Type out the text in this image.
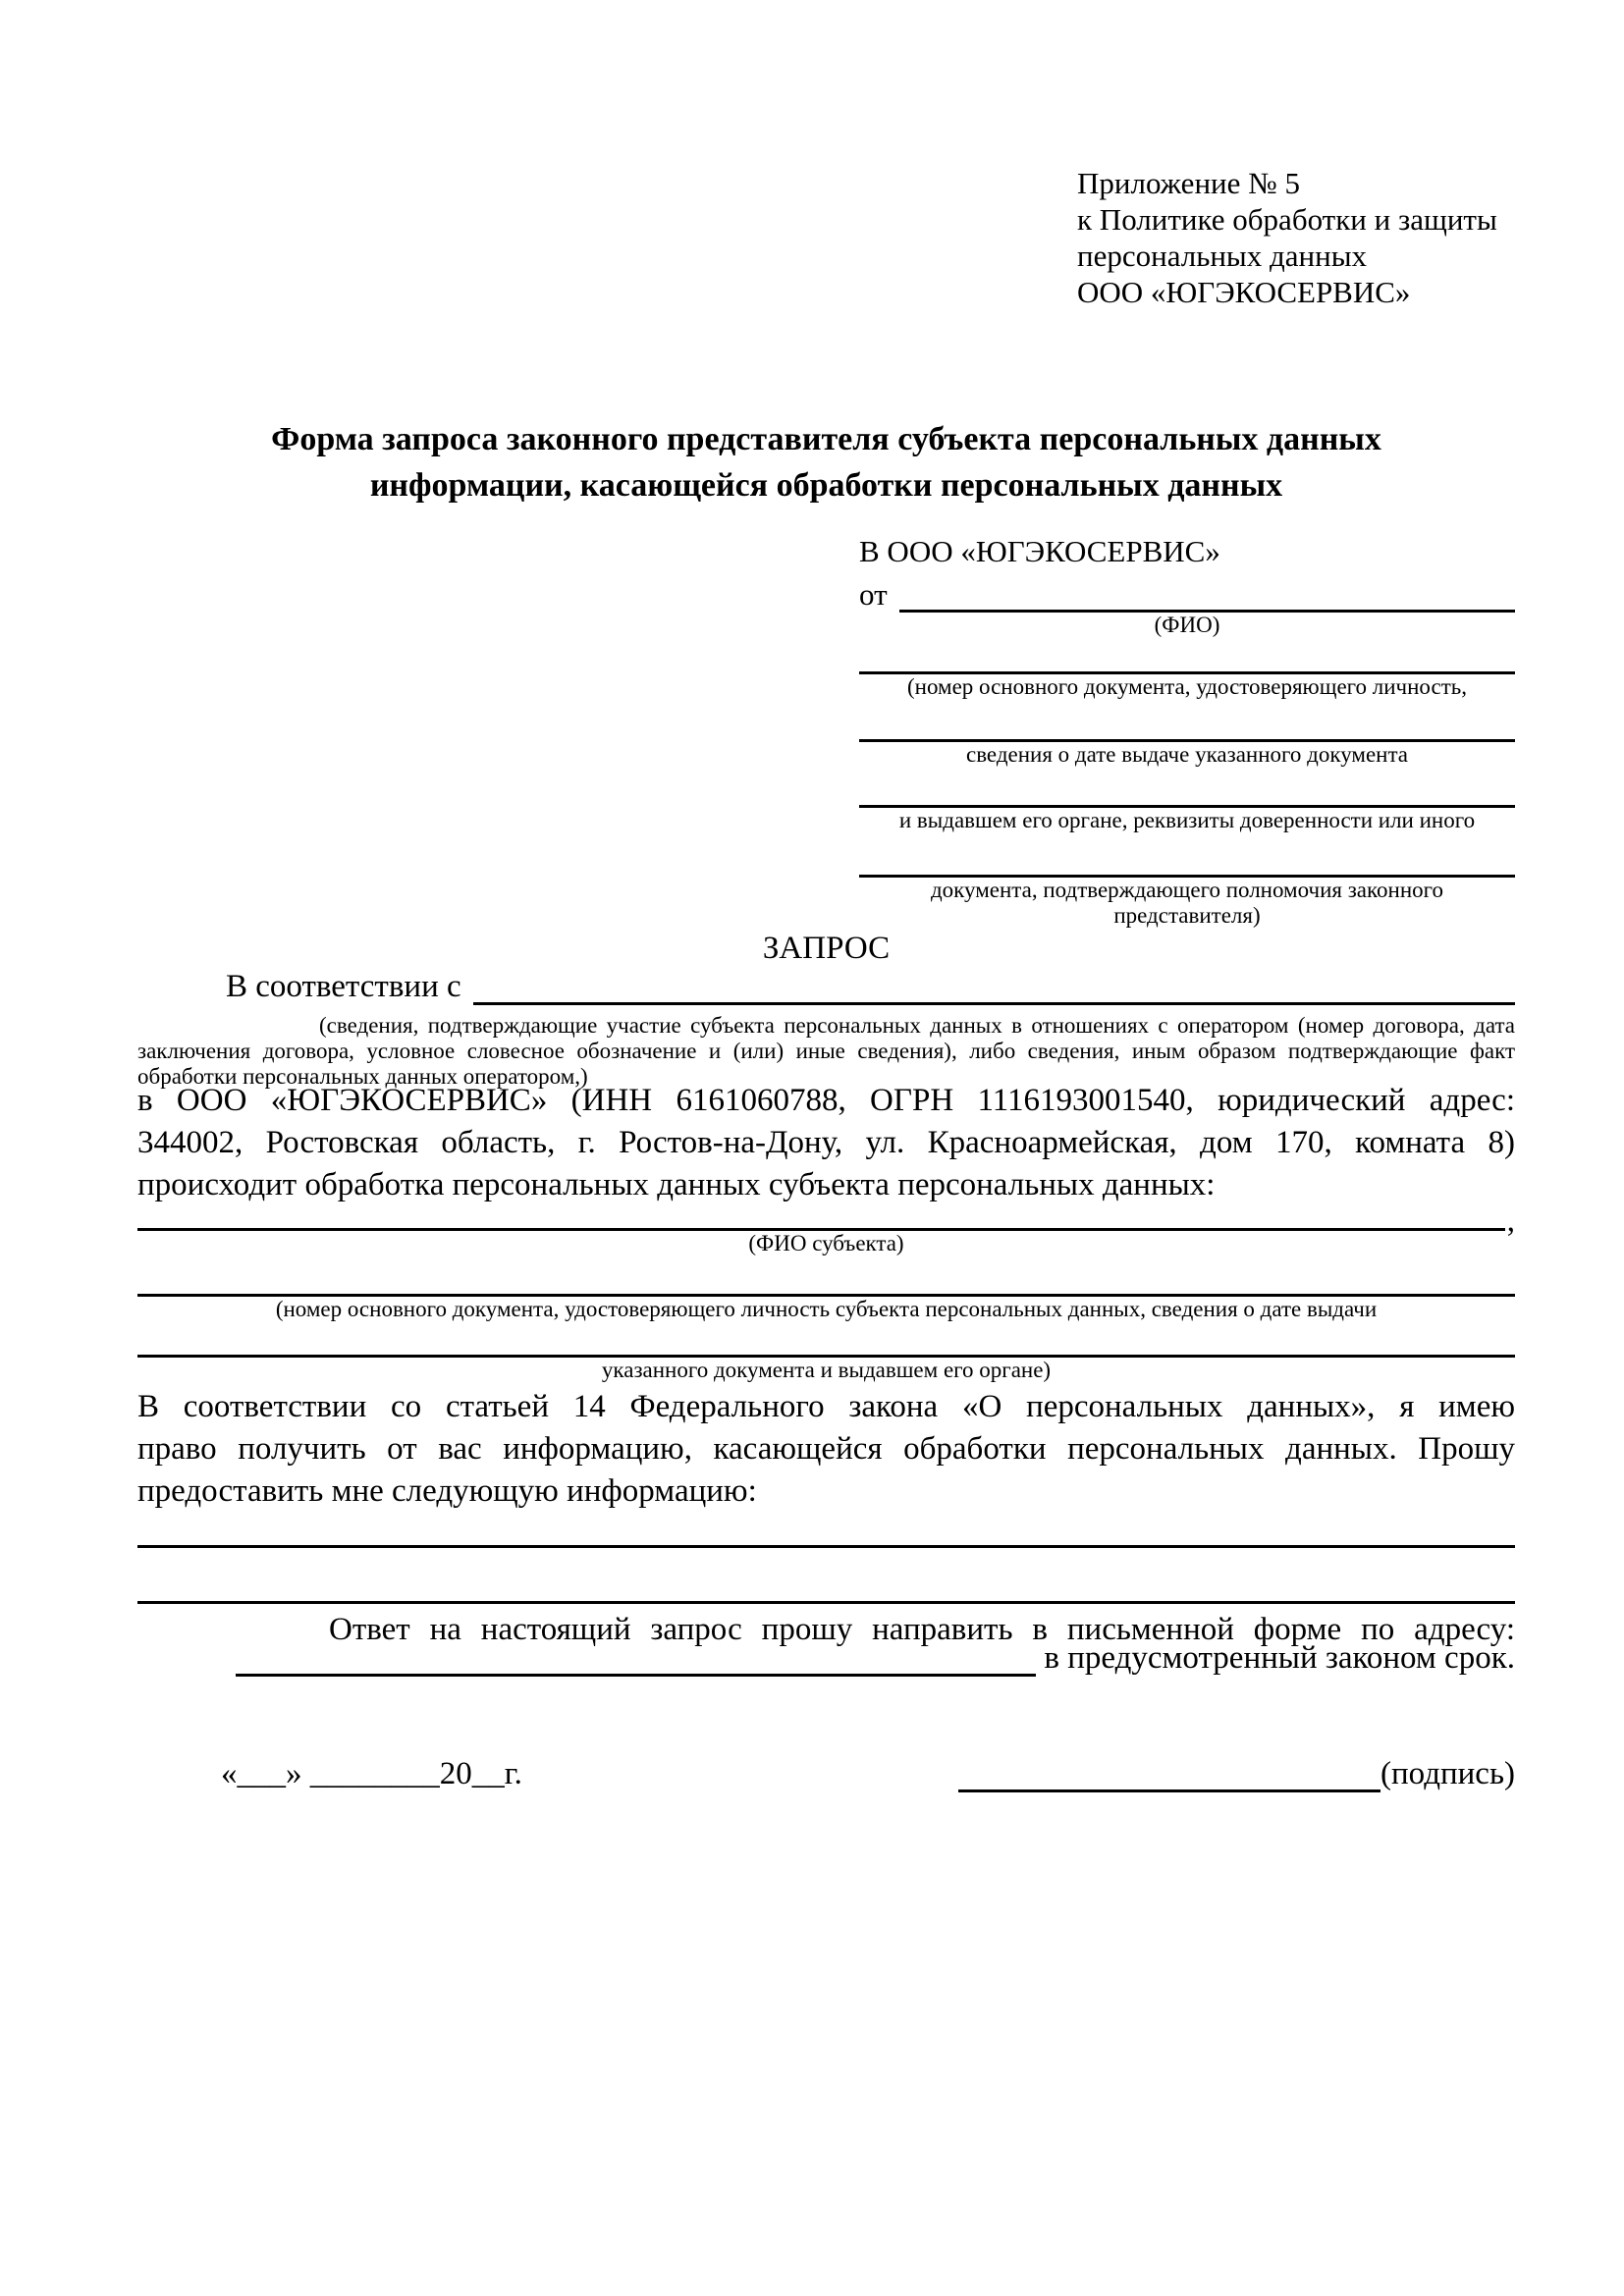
Приложение № 5
к Политике обработки и защиты
персональных данных
ООО «ЮГЭКОСЕРВИС»
Форма запроса законного представителя субъекта персональных данных
информации, касающейся обработки персональных данных
В ООО «ЮГЭКОСЕРВИС»
от
(ФИО)
(номер основного документа, удостоверяющего личность,
сведения о дате выдаче указанного документа
и выдавшем его органе, реквизиты доверенности или иного
документа, подтверждающего полномочия законного представителя)
ЗАПРОС
В соответствии с
(сведения, подтверждающие участие субъекта персональных данных в отношениях с оператором (номер договора, дата
заключения договора, условное словесное обозначение и (или) иные сведения), либо сведения, иным образом подтверждающие факт
обработки персональных данных оператором,)
в ООО «ЮГЭКОСЕРВИС» (ИНН 6161060788, ОГРН 1116193001540, юридический адрес:
344002, Ростовская область, г. Ростов-на-Дону, ул. Красноармейская, дом 170, комната 8)
происходит обработка персональных данных субъекта персональных данных:
,
(ФИО субъекта)
(номер основного документа, удостоверяющего личность субъекта персональных данных, сведения о дате выдачи
указанного документа и выдавшем его органе)
В соответствии со статьей 14 Федерального закона «О персональных данных», я имею
право получить от вас информацию, касающейся обработки персональных данных. Прошу
предоставить мне следующую информацию:
Ответ на настоящий запрос прошу направить в письменной форме по адресу:
в предусмотренный законом срок.
«___» ________20__г.	(подпись)
